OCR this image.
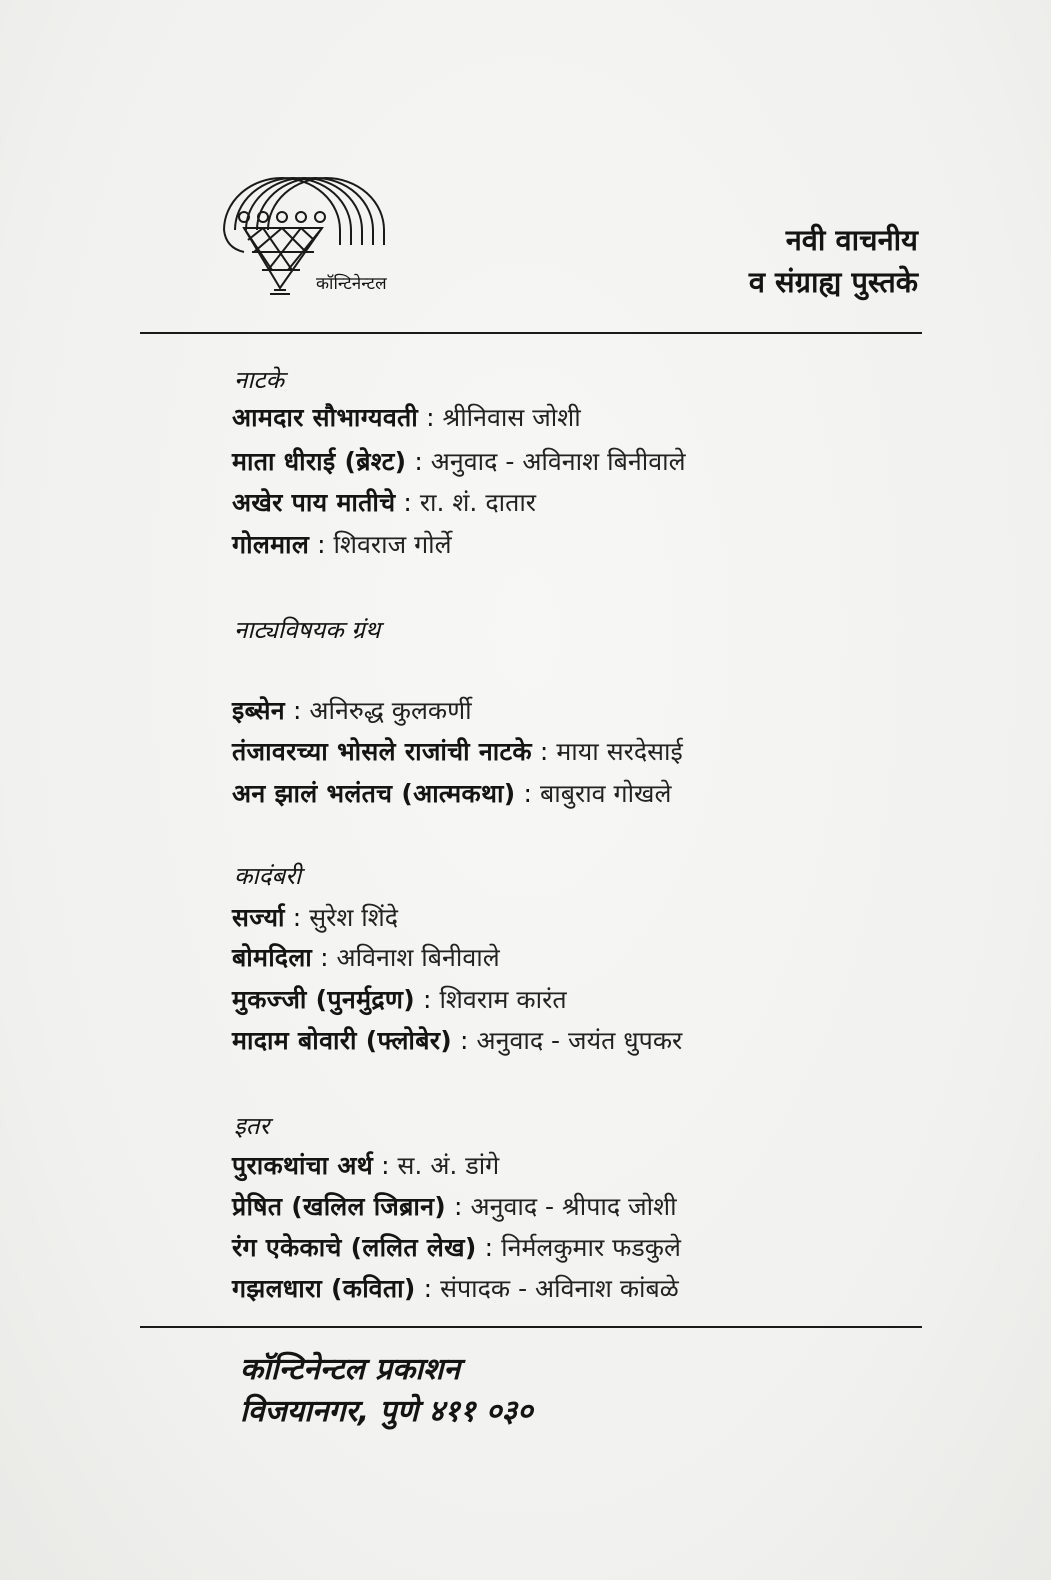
कॉन्टिनेन्टल
नवी वाचनीय
व संग्राह्य पुस्तके
नाटके
आमदार सौभाग्यवती : श्रीनिवास जोशी
माता धीराई (ब्रेश्ट) : अनुवाद - अविनाश बिनीवाले
अखेर पाय मातीचे : रा. शं. दातार
गोलमाल : शिवराज गोर्ले
नाट्यविषयक ग्रंथ
इब्सेन : अनिरुद्ध कुलकर्णी
तंजावरच्या भोसले राजांची नाटके : माया सरदेसाई
अन झालं भलंतच (आत्मकथा) : बाबुराव गोखले
कादंबरी
सर्ज्या : सुरेश शिंदे
बोमदिला : अविनाश बिनीवाले
मुकज्जी (पुनर्मुद्रण) : शिवराम कारंत
मादाम बोवारी (फ्लोबेर) : अनुवाद - जयंत धुपकर
इतर
पुराकथांचा अर्थ : स. अं. डांगे
प्रेषित (खलिल जिब्रान) : अनुवाद - श्रीपाद जोशी
रंग एकेकाचे (ललित लेख) : निर्मलकुमार फडकुले
गझलधारा (कविता) : संपादक - अविनाश कांबळे
कॉन्टिनेन्टल प्रकाशन
विजयानगर, पुणे ४११ ०३०
